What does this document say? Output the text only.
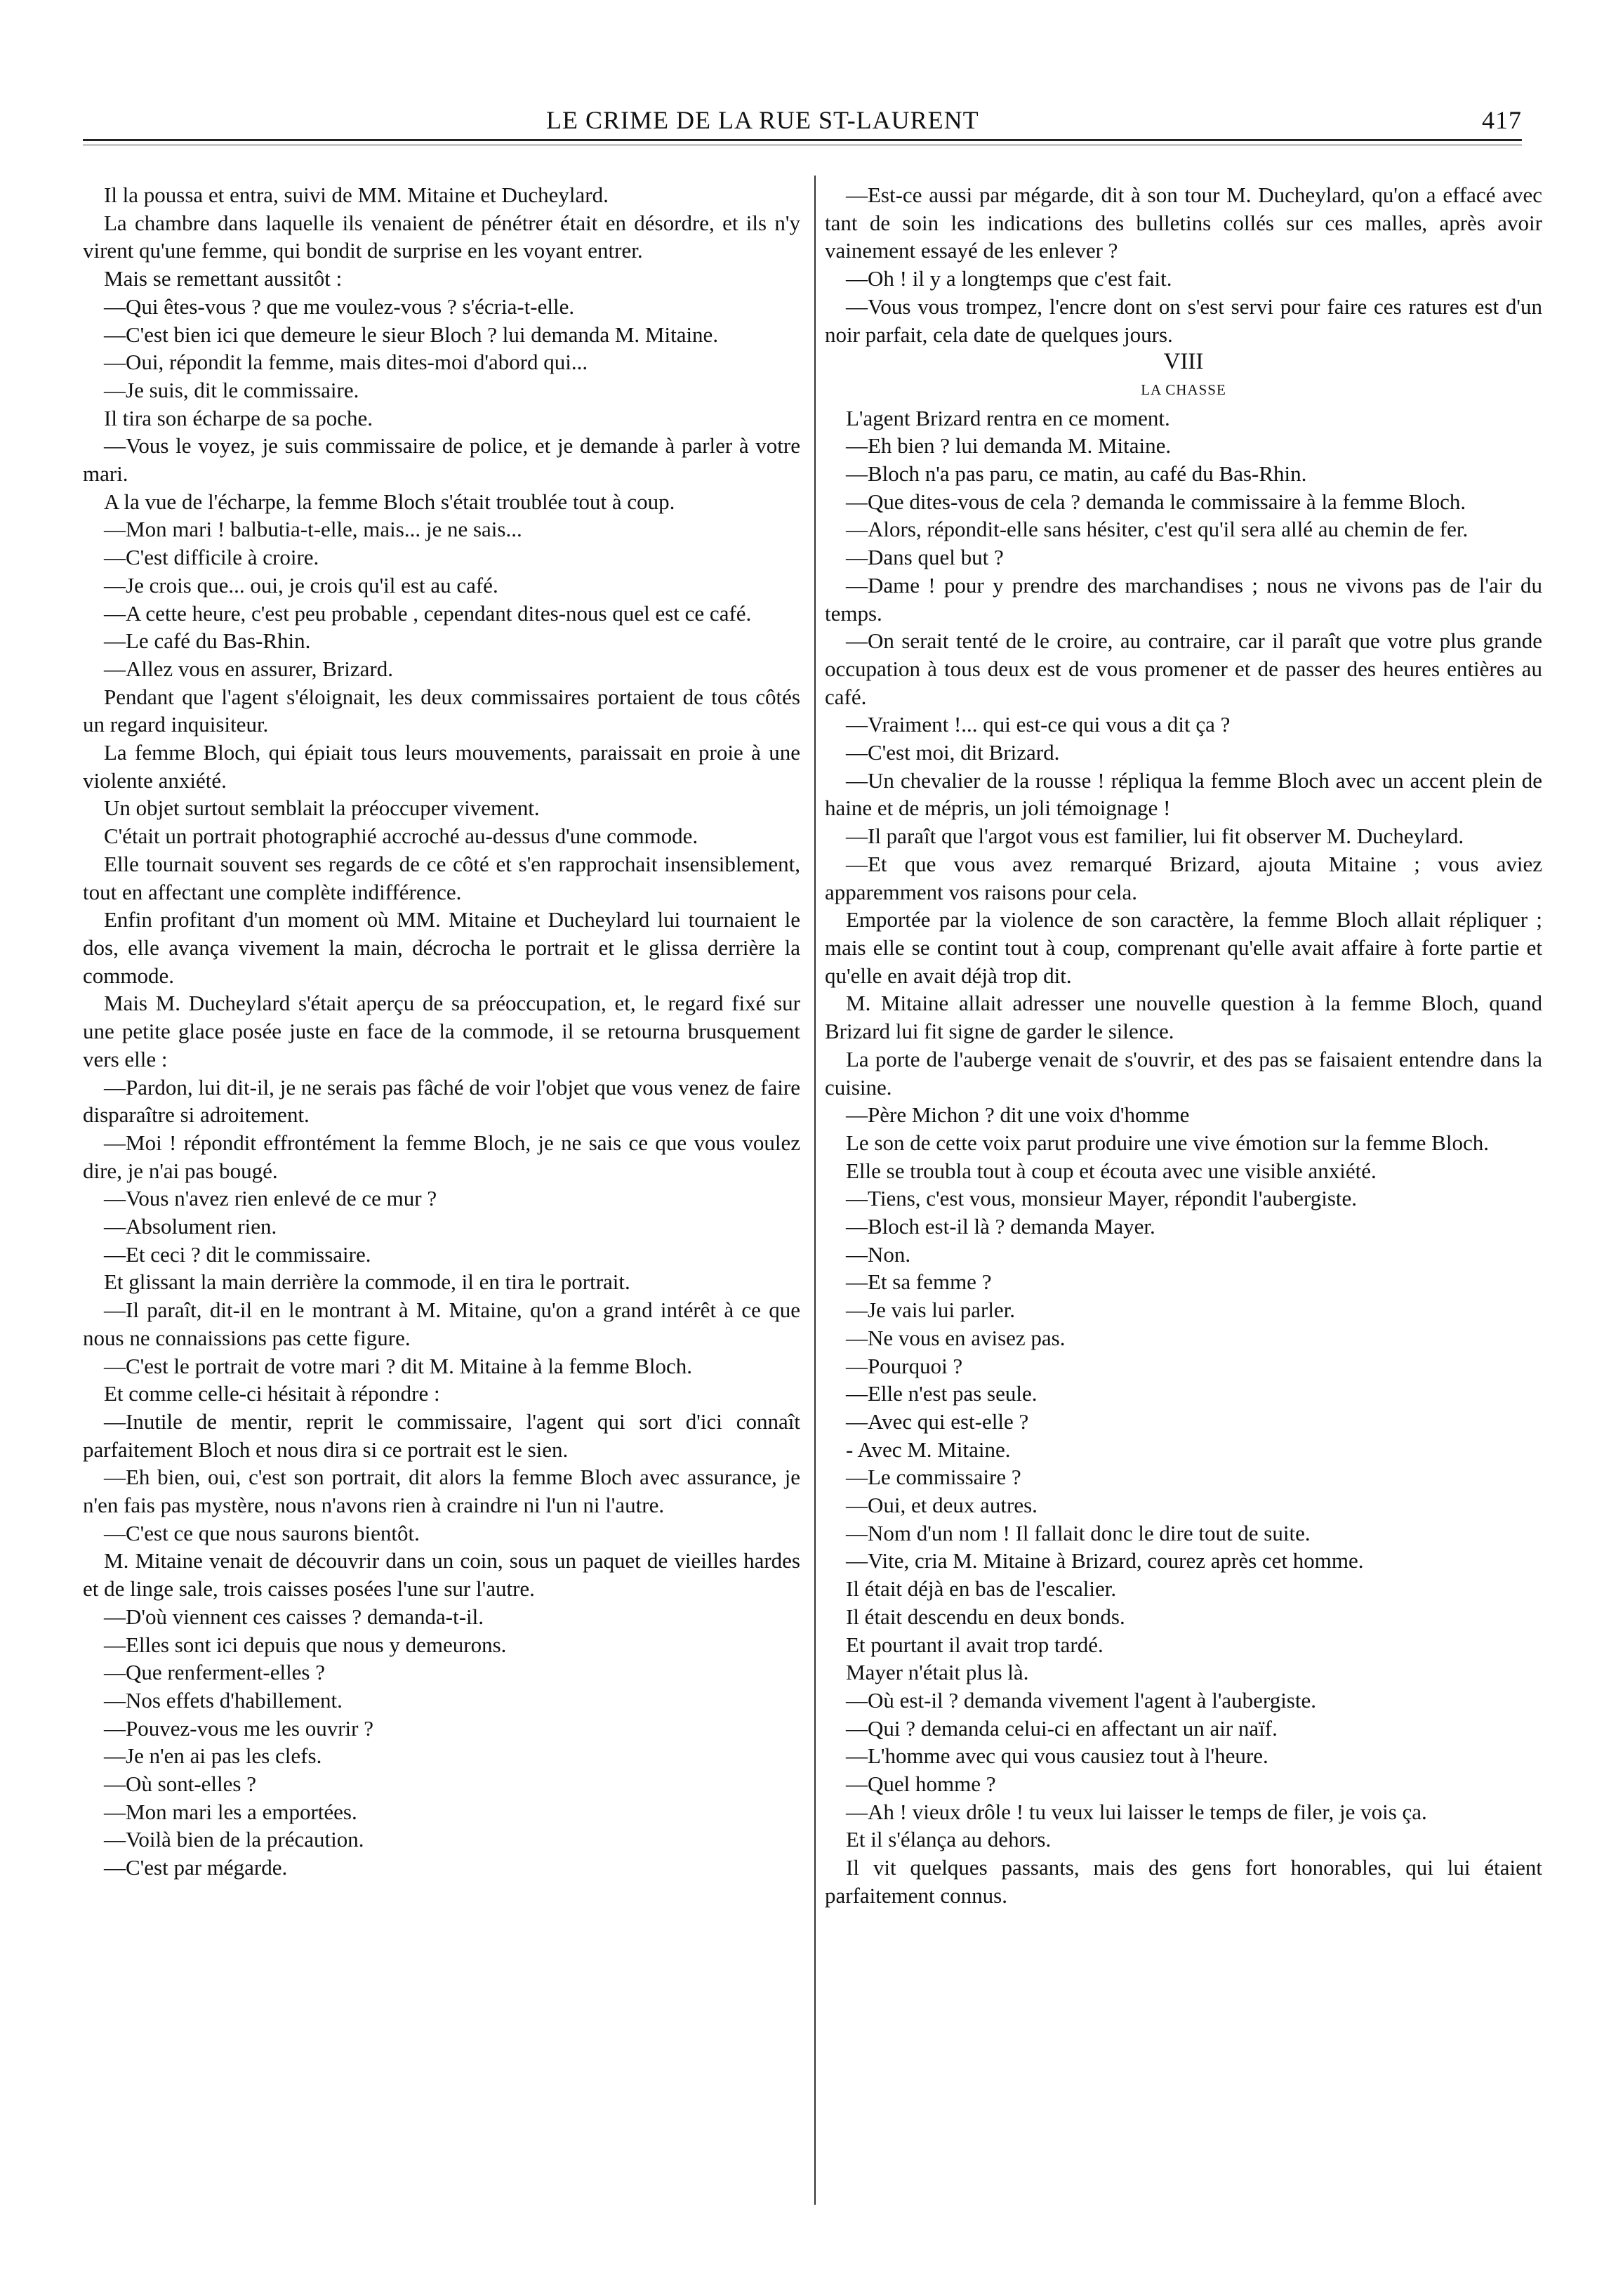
LE CRIME DE LA RUE ST-LAURENT	417

Il la poussa et entra, suivi de MM. Mitaine et Ducheylard.

La chambre dans laquelle ils venaient de pénétrer était en désordre, et ils n'y virent qu'une femme, qui bondit de surprise en les voyant entrer.

Mais se remettant aussitôt :

—Qui êtes-vous ? que me voulez-vous ? s'écria-t-elle.

—C'est bien ici que demeure le sieur Bloch ? lui demanda M. Mitaine.

—Oui, répondit la femme, mais dites-moi d'abord qui...

—Je suis, dit le commissaire.

Il tira son écharpe de sa poche.

—Vous le voyez, je suis commissaire de police, et je demande à parler à votre mari.

A la vue de l'écharpe, la femme Bloch s'était troublée tout à coup.

—Mon mari ! balbutia-t-elle, mais... je ne sais...

—C'est difficile à croire.

—Je crois que... oui, je crois qu'il est au café.

—A cette heure, c'est peu probable , cependant dites-nous quel est ce café.

—Le café du Bas-Rhin.

—Allez vous en assurer, Brizard.

Pendant que l'agent s'éloignait, les deux commissaires portaient de tous côtés un regard inquisiteur.

La femme Bloch, qui épiait tous leurs mouvements, paraissait en proie à une violente anxiété.

Un objet surtout semblait la préoccuper vivement.

C'était un portrait photographié accroché au-dessus d'une commode.

Elle tournait souvent ses regards de ce côté et s'en rapprochait insensiblement, tout en affectant une complète indifférence.

Enfin profitant d'un moment où MM. Mitaine et Ducheylard lui tournaient le dos, elle avança vivement la main, décrocha le portrait et le glissa derrière la commode.

Mais M. Ducheylard s'était aperçu de sa préoccupation, et, le regard fixé sur une petite glace posée juste en face de la commode, il se retourna brusquement vers elle :

—Pardon, lui dit-il, je ne serais pas fâché de voir l'objet que vous venez de faire disparaître si adroitement.

—Moi ! répondit effrontément la femme Bloch, je ne sais ce que vous voulez dire, je n'ai pas bougé.

—Vous n'avez rien enlevé de ce mur ?

—Absolument rien.

—Et ceci ? dit le commissaire.

Et glissant la main derrière la commode, il en tira le portrait.

—Il paraît, dit-il en le montrant à M. Mitaine, qu'on a grand intérêt à ce que nous ne connaissions pas cette figure.

—C'est le portrait de votre mari ? dit M. Mitaine à la femme Bloch.

Et comme celle-ci hésitait à répondre :

—Inutile de mentir, reprit le commissaire, l'agent qui sort d'ici connaît parfaitement Bloch et nous dira si ce portrait est le sien.

—Eh bien, oui, c'est son portrait, dit alors la femme Bloch avec assurance, je n'en fais pas mystère, nous n'avons rien à craindre ni l'un ni l'autre.

—C'est ce que nous saurons bientôt.

M. Mitaine venait de découvrir dans un coin, sous un paquet de vieilles hardes et de linge sale, trois caisses posées l'une sur l'autre.

—D'où viennent ces caisses ? demanda-t-il.

—Elles sont ici depuis que nous y demeurons.

—Que renferment-elles ?

—Nos effets d'habillement.

—Pouvez-vous me les ouvrir ?

—Je n'en ai pas les clefs.

—Où sont-elles ?

—Mon mari les a emportées.

—Voilà bien de la précaution.

—C'est par mégarde.

—Est-ce aussi par mégarde, dit à son tour M. Ducheylard, qu'on a effacé avec tant de soin les indications des bulletins collés sur ces malles, après avoir vainement essayé de les enlever ?

—Oh ! il y a longtemps que c'est fait.

—Vous vous trompez, l'encre dont on s'est servi pour faire ces ratures est d'un noir parfait, cela date de quelques jours.

VIII

LA CHASSE

L'agent Brizard rentra en ce moment.

—Eh bien ? lui demanda M. Mitaine.

—Bloch n'a pas paru, ce matin, au café du Bas-Rhin.

—Que dites-vous de cela ? demanda le commissaire à la femme Bloch.

—Alors, répondit-elle sans hésiter, c'est qu'il sera allé au chemin de fer.

—Dans quel but ?

—Dame ! pour y prendre des marchandises ; nous ne vivons pas de l'air du temps.

—On serait tenté de le croire, au contraire, car il paraît que votre plus grande occupation à tous deux est de vous promener et de passer des heures entières au café.

—Vraiment !... qui est-ce qui vous a dit ça ?

—C'est moi, dit Brizard.

—Un chevalier de la rousse ! répliqua la femme Bloch avec un accent plein de haine et de mépris, un joli témoignage !

—Il paraît que l'argot vous est familier, lui fit observer M. Ducheylard.

—Et que vous avez remarqué Brizard, ajouta Mitaine ; vous aviez apparemment vos raisons pour cela.

Emportée par la violence de son caractère, la femme Bloch allait répliquer ; mais elle se contint tout à coup, comprenant qu'elle avait affaire à forte partie et qu'elle en avait déjà trop dit.

M. Mitaine allait adresser une nouvelle question à la femme Bloch, quand Brizard lui fit signe de garder le silence.

La porte de l'auberge venait de s'ouvrir, et des pas se faisaient entendre dans la cuisine.

—Père Michon ? dit une voix d'homme

Le son de cette voix parut produire une vive émotion sur la femme Bloch.

Elle se troubla tout à coup et écouta avec une visible anxiété.

—Tiens, c'est vous, monsieur Mayer, répondit l'aubergiste.

—Bloch est-il là ? demanda Mayer.

—Non.

—Et sa femme ?

—Je vais lui parler.

—Ne vous en avisez pas.

—Pourquoi ?

—Elle n'est pas seule.

—Avec qui est-elle ?

- Avec M. Mitaine.

—Le commissaire ?

—Oui, et deux autres.

—Nom d'un nom ! Il fallait donc le dire tout de suite.

—Vite, cria M. Mitaine à Brizard, courez après cet homme.

Il était déjà en bas de l'escalier.

Il était descendu en deux bonds.

Et pourtant il avait trop tardé.

Mayer n'était plus là.

—Où est-il ? demanda vivement l'agent à l'aubergiste.

—Qui ? demanda celui-ci en affectant un air naïf.

—L'homme avec qui vous causiez tout à l'heure.

—Quel homme ?

—Ah ! vieux drôle ! tu veux lui laisser le temps de filer, je vois ça.

Et il s'élança au dehors.

Il vit quelques passants, mais des gens fort honorables, qui lui étaient parfaitement connus.
